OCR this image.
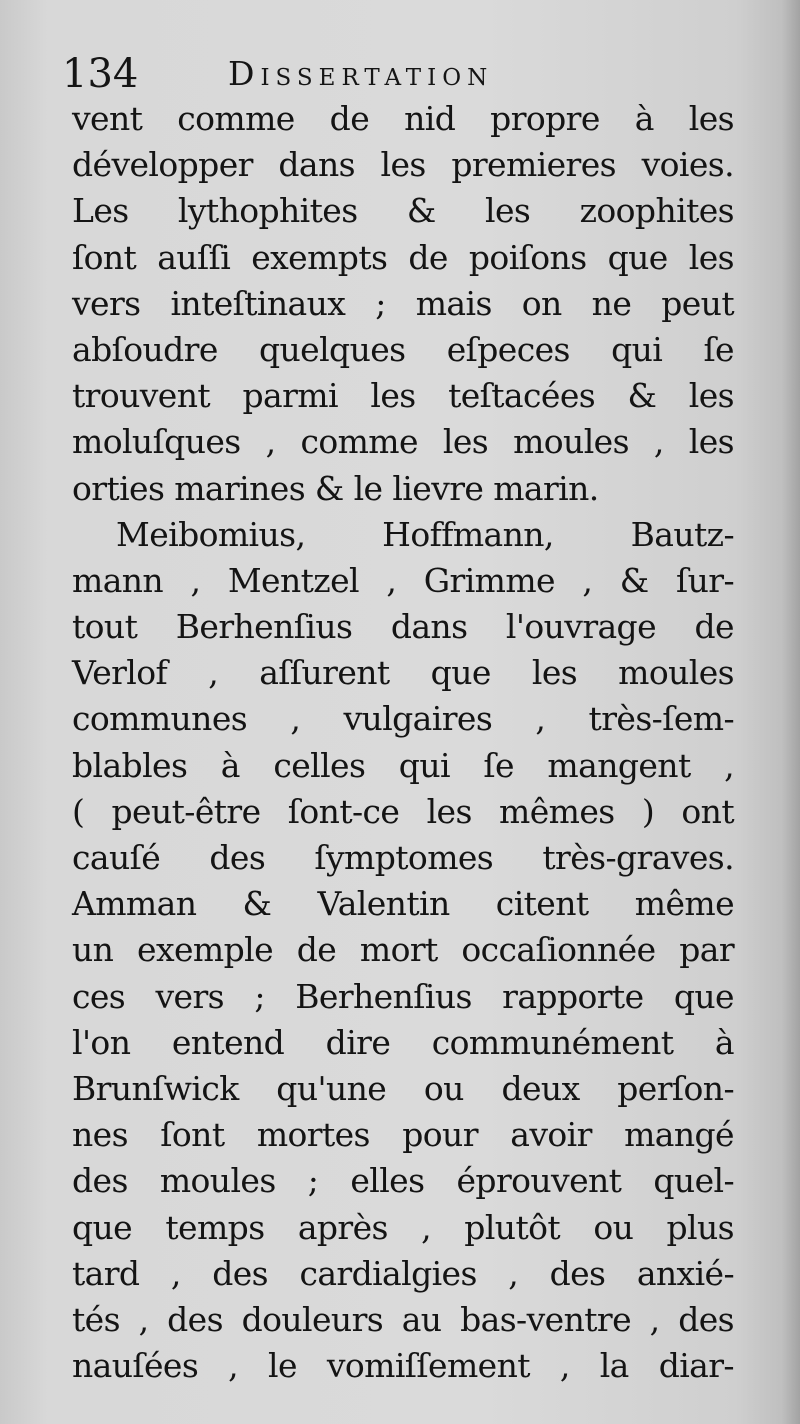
134	Dissertation
vent comme de nid propre à les
développer dans les premieres voies.
Les lythophites & les zoophites
ſont auſſi exempts de poiſons que les
vers inteſtinaux ; mais on ne peut
abſoudre quelques eſpeces qui ſe
trouvent parmi les teſtacées & les
moluſques , comme les moules , les
orties marines & le lievre marin.
Meibomius, Hoffmann, Bautz-
mann , Mentzel , Grimme , & ſur-
tout Berhenſius dans l'ouvrage de
Verlof , aſſurent que les moules
communes , vulgaires , très-ſem-
blables à celles qui ſe mangent ,
( peut-être ſont-ce les mêmes ) ont
cauſé des ſymptomes très-graves.
Amman & Valentin citent même
un exemple de mort occaſionnée par
ces vers ; Berhenſius rapporte que
l'on entend dire communément à
Brunſwick qu'une ou deux perſon-
nes ſont mortes pour avoir mangé
des moules ; elles éprouvent quel-
que temps après , plutôt ou plus
tard , des cardialgies , des anxié-
tés , des douleurs au bas-ventre , des
nauſées , le vomiſſement , la diar-
